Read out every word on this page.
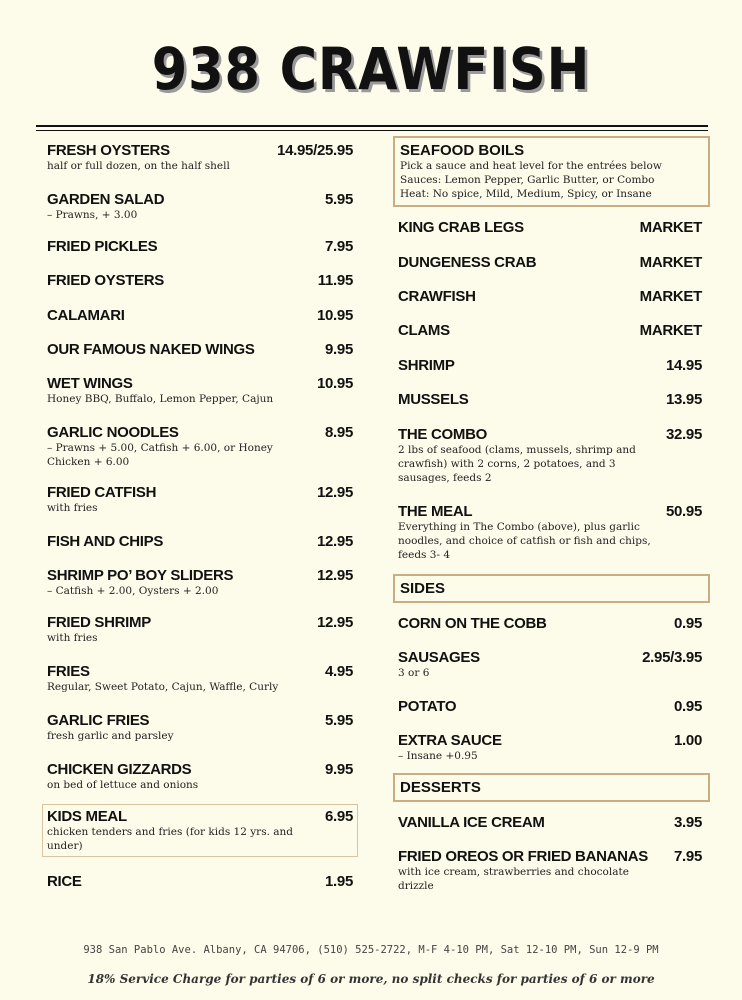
938 CRAWFISH
FRESH OYSTERS	14.95/25.95
half or full dozen, on the half shell
GARDEN SALAD	5.95
– Prawns, + 3.00
FRIED PICKLES	7.95
FRIED OYSTERS	11.95
CALAMARI	10.95
OUR FAMOUS NAKED WINGS	9.95
WET WINGS	10.95
Honey BBQ, Buffalo, Lemon Pepper, Cajun
GARLIC NOODLES	8.95
– Prawns + 5.00, Catfish + 6.00, or Honey Chicken + 6.00
FRIED CATFISH	12.95
with fries
FISH AND CHIPS	12.95
SHRIMP PO’ BOY SLIDERS	12.95
– Catfish + 2.00, Oysters + 2.00
FRIED SHRIMP	12.95
with fries
FRIES	4.95
Regular, Sweet Potato, Cajun, Waffle, Curly
GARLIC FRIES	5.95
fresh garlic and parsley
CHICKEN GIZZARDS	9.95
on bed of lettuce and onions
KIDS MEAL	6.95
chicken tenders and fries (for kids 12 yrs. and under)
RICE	1.95
SEAFOOD BOILS
Pick a sauce and heat level for the entrées below
Sauces: Lemon Pepper, Garlic Butter, or Combo
Heat: No spice, Mild, Medium, Spicy, or Insane
KING CRAB LEGS	MARKET
DUNGENESS CRAB	MARKET
CRAWFISH	MARKET
CLAMS	MARKET
SHRIMP	14.95
MUSSELS	13.95
THE COMBO	32.95
2 lbs of seafood (clams, mussels, shrimp and crawfish) with 2 corns, 2 potatoes, and 3 sausages, feeds 2
THE MEAL	50.95
Everything in The Combo (above), plus garlic noodles, and choice of catfish or fish and chips, feeds 3- 4
SIDES
CORN ON THE COBB	0.95
SAUSAGES	2.95/3.95
3 or 6
POTATO	0.95
EXTRA SAUCE	1.00
– Insane +0.95
DESSERTS
VANILLA ICE CREAM	3.95
FRIED OREOS OR FRIED BANANAS 7.95
with ice cream, strawberries and chocolate drizzle
938 San Pablo Ave. Albany, CA 94706, (510) 525-2722, M-F 4-10 PM, Sat 12-10 PM, Sun 12-9 PM
18% Service Charge for parties of 6 or more, no split checks for parties of 6 or more
